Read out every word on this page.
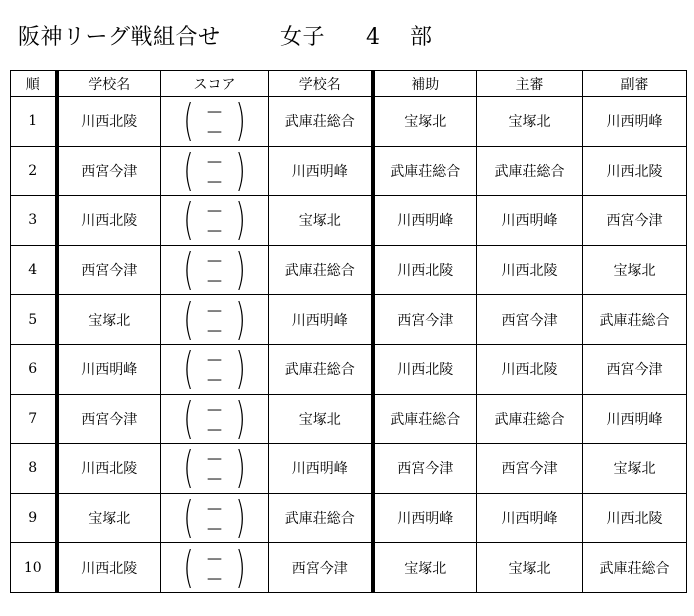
阪神リーグ戦組合せ

	女子

4

部

順	学校名	スコア	学校名	補助	主審	副審
1	川西北陵	( —
— )	武庫荘総合	宝塚北	宝塚北	川西明峰
2	西宮今津	( —
— )	川西明峰	武庫荘総合	武庫荘総合	川西北陵
3	川西北陵	( —
— )	宝塚北	川西明峰	川西明峰	西宮今津
4	西宮今津	( —
— )	武庫荘総合	川西北陵	川西北陵	宝塚北
5	宝塚北	( —
— )	川西明峰	西宮今津	西宮今津	武庫荘総合
6	川西明峰	( —
— )	武庫荘総合	川西北陵	川西北陵	西宮今津
7	西宮今津	( —
— )	宝塚北	武庫荘総合	武庫荘総合	川西明峰
8	川西北陵	( —
— )	川西明峰	西宮今津	西宮今津	宝塚北
9	宝塚北	( —
— )	武庫荘総合	川西明峰	川西明峰	川西北陵
10	川西北陵	( —
— )	西宮今津	宝塚北	宝塚北	武庫荘総合
